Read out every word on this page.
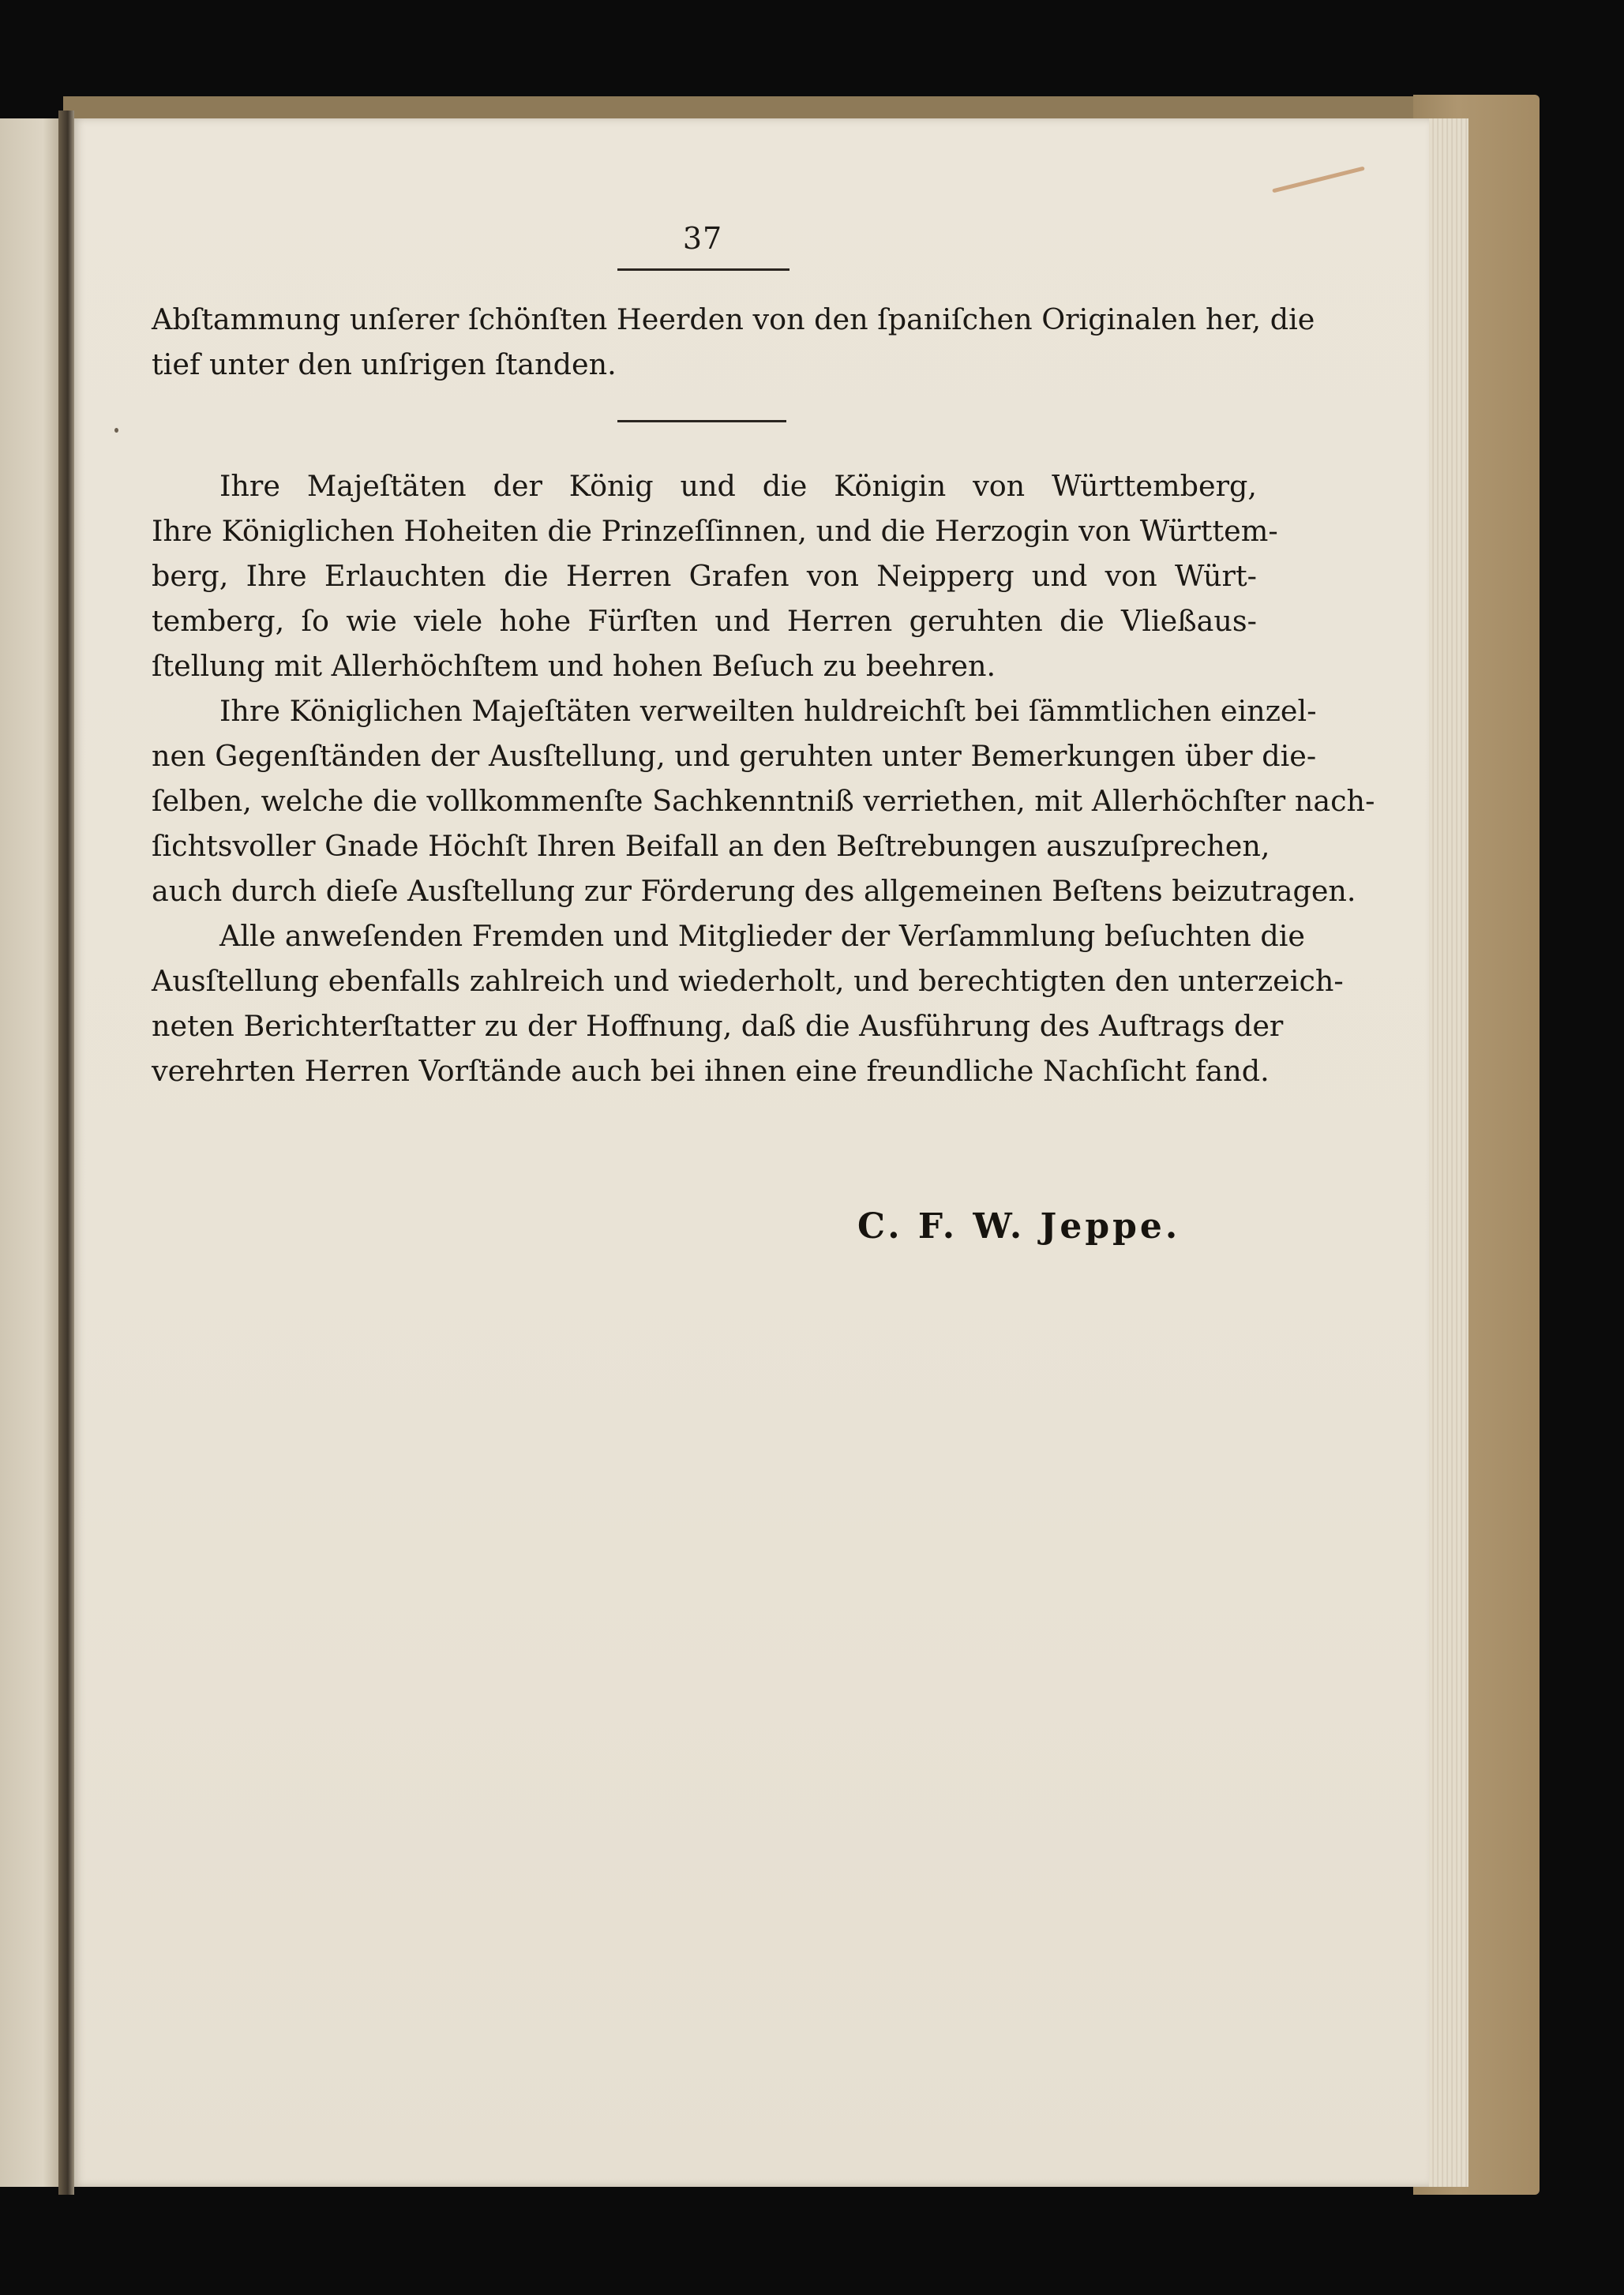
37
Abſtammung unſerer ſchönſten Heerden von den ſpaniſchen Originalen her, die
tief unter den unſrigen ſtanden.
Ihre Majeſtäten der König und die Königin von Württemberg,
Ihre Königlichen Hoheiten die Prinzeſſinnen, und die Herzogin von Württem-
berg, Ihre Erlauchten die Herren Grafen von Neipperg und von Würt-
temberg, ſo wie viele hohe Fürſten und Herren geruhten die Vließaus-
ſtellung mit Allerhöchſtem und hohen Beſuch zu beehren.
Ihre Königlichen Majeſtäten verweilten huldreichſt bei ſämmtlichen einzel-
nen Gegenſtänden der Ausſtellung, und geruhten unter Bemerkungen über die-
ſelben, welche die vollkommenſte Sachkenntniß verriethen, mit Allerhöchſter nach-
ſichtsvoller Gnade Höchſt Ihren Beifall an den Beſtrebungen auszuſprechen,
auch durch dieſe Ausſtellung zur Förderung des allgemeinen Beſtens beizutragen.
Alle anweſenden Fremden und Mitglieder der Verſammlung beſuchten die
Ausſtellung ebenfalls zahlreich und wiederholt, und berechtigten den unterzeich-
neten Berichterſtatter zu der Hoffnung, daß die Ausführung des Auftrags der
verehrten Herren Vorſtände auch bei ihnen eine freundliche Nachſicht fand.
C. F. W. Jeppe.
